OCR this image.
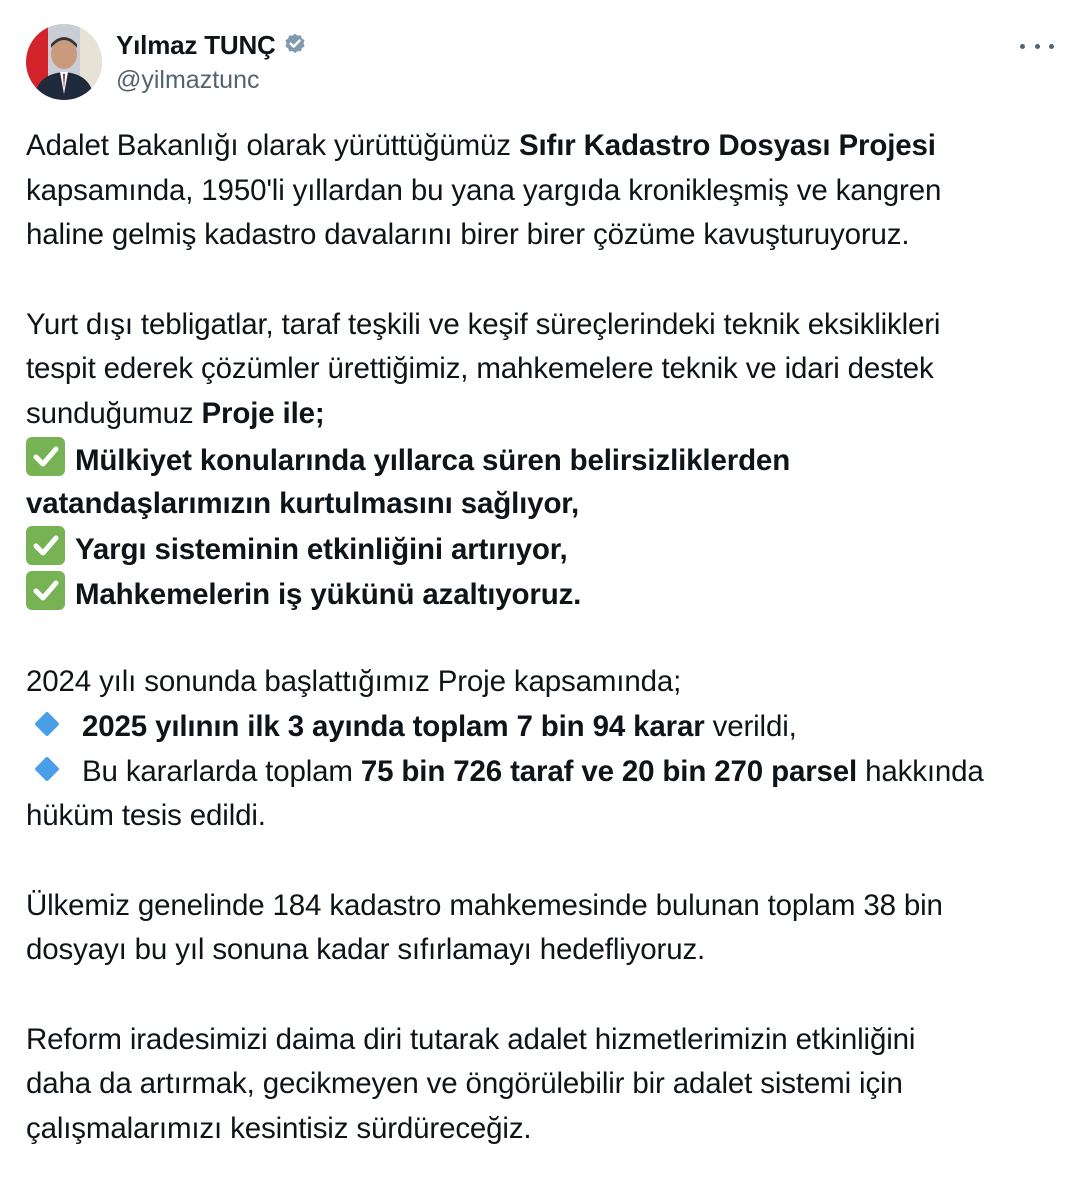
Yılmaz TUNÇ
@yilmaztunc
Adalet Bakanlığı olarak yürüttüğümüz Sıfır Kadastro Dosyası Projesi
kapsamında, 1950'li yıllardan bu yana yargıda kronikleşmiş ve kangren
haline gelmiş kadastro davalarını birer birer çözüme kavuşturuyoruz.
Yurt dışı tebligatlar, taraf teşkili ve keşif süreçlerindeki teknik eksiklikleri
tespit ederek çözümler ürettiğimiz, mahkemelere teknik ve idari destek
sunduğumuz Proje ile;
Mülkiyet konularında yıllarca süren belirsizliklerden
vatandaşlarımızın kurtulmasını sağlıyor,
Yargı sisteminin etkinliğini artırıyor,
Mahkemelerin iş yükünü azaltıyoruz.
2024 yılı sonunda başlattığımız Proje kapsamında;
2025 yılının ilk 3 ayında toplam 7 bin 94 karar verildi,
Bu kararlarda toplam 75 bin 726 taraf ve 20 bin 270 parsel hakkında
hüküm tesis edildi.
Ülkemiz genelinde 184 kadastro mahkemesinde bulunan toplam 38 bin
dosyayı bu yıl sonuna kadar sıfırlamayı hedefliyoruz.
Reform iradesimizi daima diri tutarak adalet hizmetlerimizin etkinliğini
daha da artırmak, gecikmeyen ve öngörülebilir bir adalet sistemi için
çalışmalarımızı kesintisiz sürdüreceğiz.
